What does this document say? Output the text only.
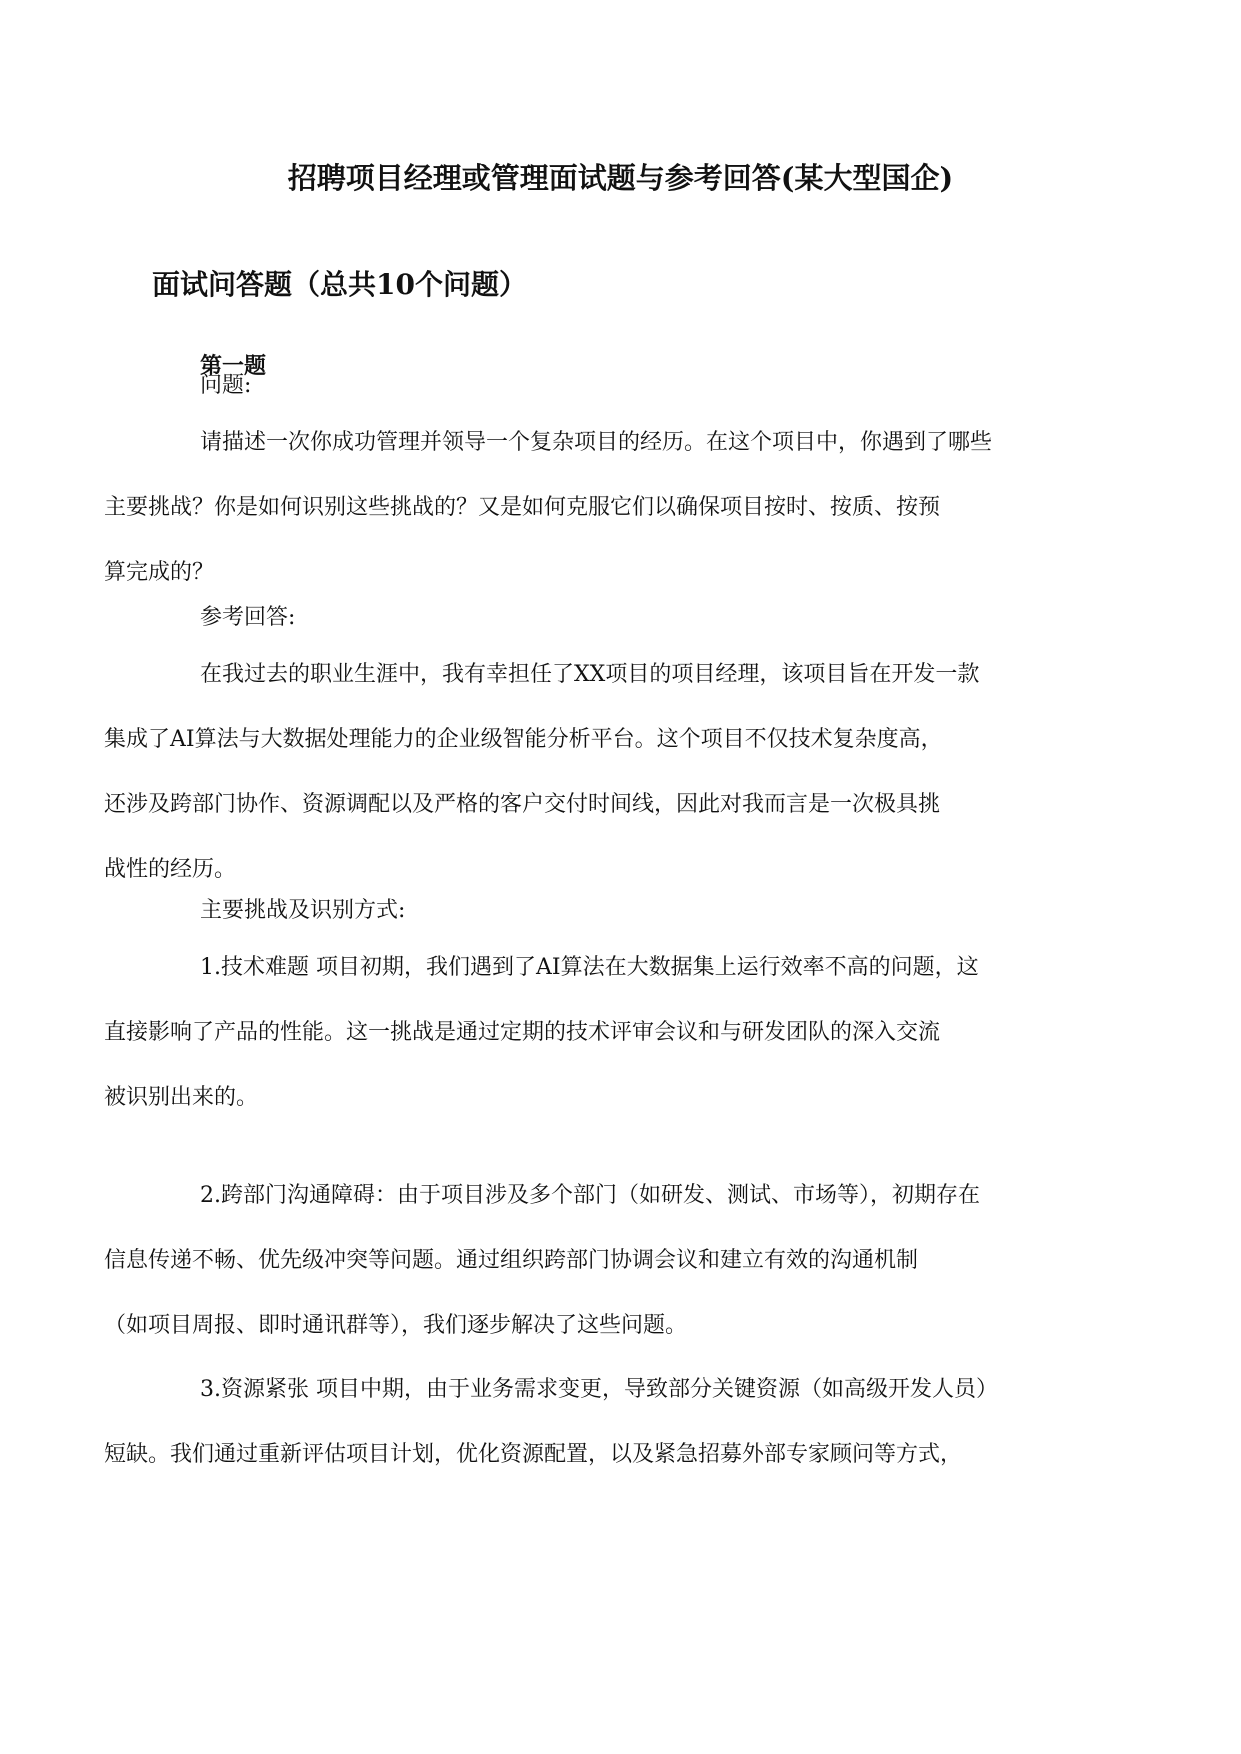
招聘项目经理或管理面试题与参考回答(某大型国企)
面试问答题（总共10个问题）
第一题

问题:

请描述一次你成功管理并领导一个复杂项目的经历。在这个项目中，你遇到了哪些
主要挑战？你是如何识别这些挑战的？又是如何克服它们以确保项目按时、按质、按预
算完成的？

参考回答:

在我过去的职业生涯中，我有幸担任了XX项目的项目经理，该项目旨在开发一款
集成了AI算法与大数据处理能力的企业级智能分析平台。这个项目不仅技术复杂度高，
还涉及跨部门协作、资源调配以及严格的客户交付时间线，因此对我而言是一次极具挑
战性的经历。

主要挑战及识别方式:

1.技术难题 项目初期，我们遇到了AI算法在大数据集上运行效率不高的问题，这
直接影响了产品的性能。这一挑战是通过定期的技术评审会议和与研发团队的深入交流
被识别出来的。

2.跨部门沟通障碍：由于项目涉及多个部门（如研发、测试、市场等），初期存在
信息传递不畅、优先级冲突等问题。通过组织跨部门协调会议和建立有效的沟通机制
（如项目周报、即时通讯群等），我们逐步解决了这些问题。

3.资源紧张 项目中期，由于业务需求变更，导致部分关键资源（如高级开发人员）
短缺。我们通过重新评估项目计划，优化资源配置，以及紧急招募外部专家顾问等方式，
